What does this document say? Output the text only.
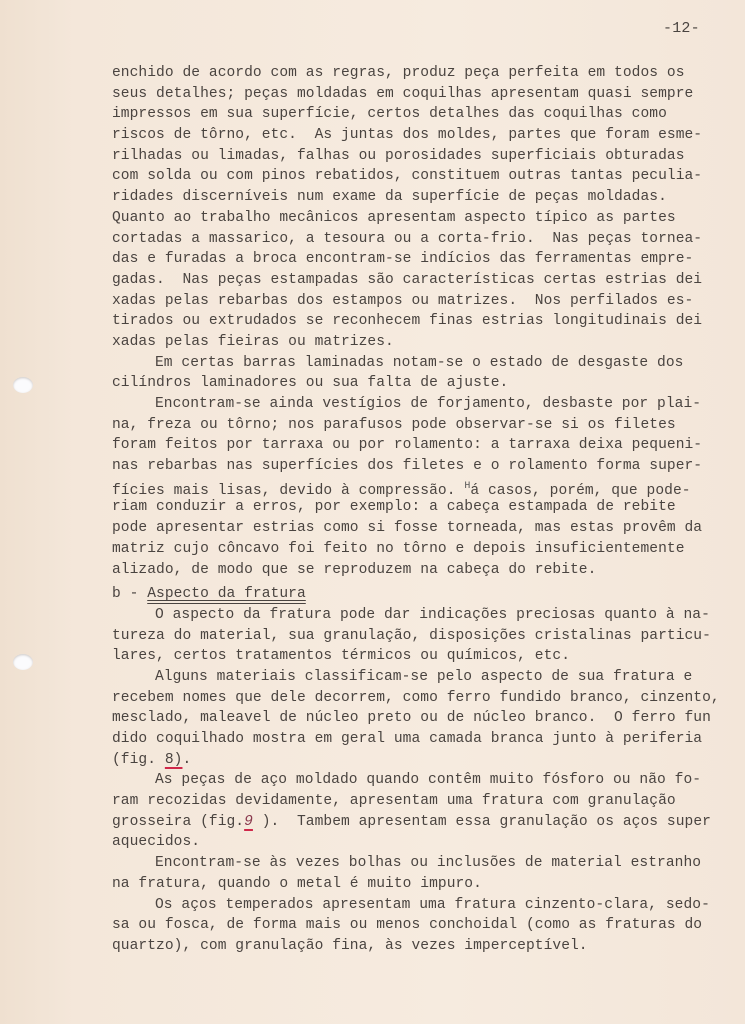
-12-
enchido de acordo com as regras, produz peça perfeita em todos os
seus detalhes; peças moldadas em coquilhas apresentam quasi sempre
impressos em sua superfície, certos detalhes das coquilhas como
riscos de tôrno, etc.  As juntas dos moldes, partes que foram esme-
rilhadas ou limadas, falhas ou porosidades superficiais obturadas
com solda ou com pinos rebatidos, constituem outras tantas peculia-
ridades discerníveis num exame da superfície de peças moldadas.
Quanto ao trabalho mecânicos apresentam aspecto típico as partes
cortadas a massarico, a tesoura ou a corta-frio.  Nas peças tornea-
das e furadas a broca encontram-se indícios das ferramentas empre-
gadas.  Nas peças estampadas são características certas estrias dei
xadas pelas rebarbas dos estampos ou matrizes.  Nos perfilados es-
tirados ou extrudados se reconhecem finas estrias longitudinais dei
xadas pelas fieiras ou matrizes.
Em certas barras laminadas notam-se o estado de desgaste dos
cilíndros laminadores ou sua falta de ajuste.
Encontram-se ainda vestígios de forjamento, desbaste por plai-
na, freza ou tôrno; nos parafusos pode observar-se si os filetes
foram feitos por tarraxa ou por rolamento: a tarraxa deixa pequeni-
nas rebarbas nas superfícies dos filetes e o rolamento forma super-
fícies mais lisas, devido à compressão. $^H$á casos, porém, que pode-
riam conduzir a erros, por exemplo: a cabeça estampada de rebite
pode apresentar estrias como si fosse torneada, mas estas provêm da
matriz cujo côncavo foi feito no tôrno e depois insuficientemente
alizado, de modo que se reproduzem na cabeça do rebite.
b - Aspecto da fratura
O aspecto da fratura pode dar indicações preciosas quanto à na-
tureza do material, sua granulação, disposições cristalinas particu-
lares, certos tratamentos térmicos ou químicos, etc.
Alguns materiais classificam-se pelo aspecto de sua fratura e
recebem nomes que dele decorrem, como ferro fundido branco, cinzento,
mesclado, maleavel de núcleo preto ou de núcleo branco.  O ferro fun
dido coquilhado mostra em geral uma camada branca junto à periferia
(fig. 8).
As peças de aço moldado quando contêm muito fósforo ou não fo-
ram recozidas devidamente, apresentam uma fratura com granulação
grosseira (fig.9 ).  Tambem apresentam essa granulação os aços super
aquecidos.
Encontram-se às vezes bolhas ou inclusões de material estranho
na fratura, quando o metal é muito impuro.
Os aços temperados apresentam uma fratura cinzento-clara, sedo-
sa ou fosca, de forma mais ou menos conchoidal (como as fraturas do
quartzo), com granulação fina, às vezes imperceptível.
